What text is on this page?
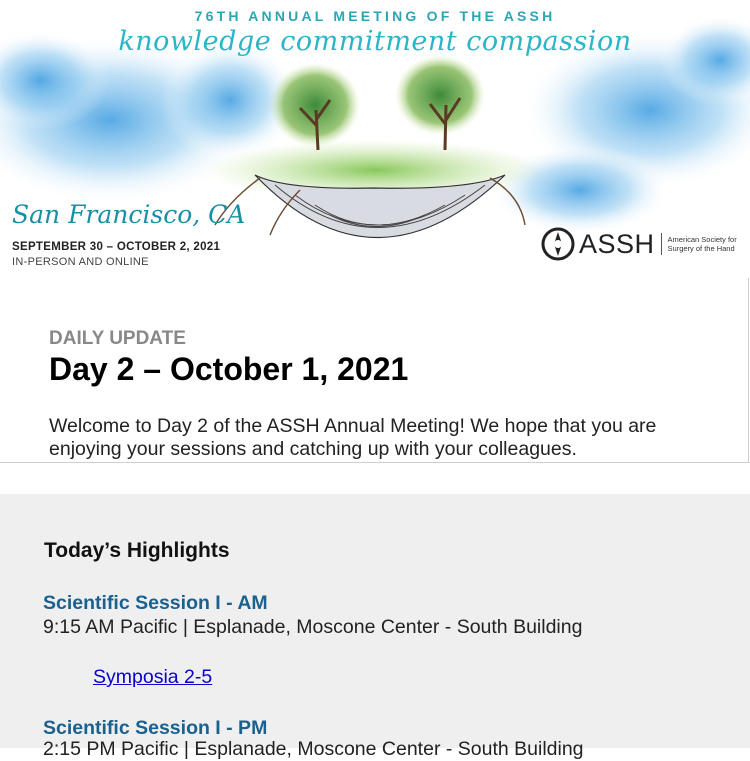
76TH ANNUAL MEETING OF THE ASSH
knowledge commitment compassion
San Francisco, CA
SEPTEMBER 30 – OCTOBER 2, 2021
IN-PERSON AND ONLINE
ASSH American Society for Surgery of the Hand
DAILY UPDATE
Day 2 – October 1, 2021
Welcome to Day 2 of the ASSH Annual Meeting! We hope that you are enjoying your sessions and catching up with your colleagues.
Today’s Highlights
Scientific Session I - AM
9:15 AM Pacific | Esplanade, Moscone Center - South Building
Symposia 2-5
Scientific Session I - PM
2:15 PM Pacific | Esplanade, Moscone Center - South Building
